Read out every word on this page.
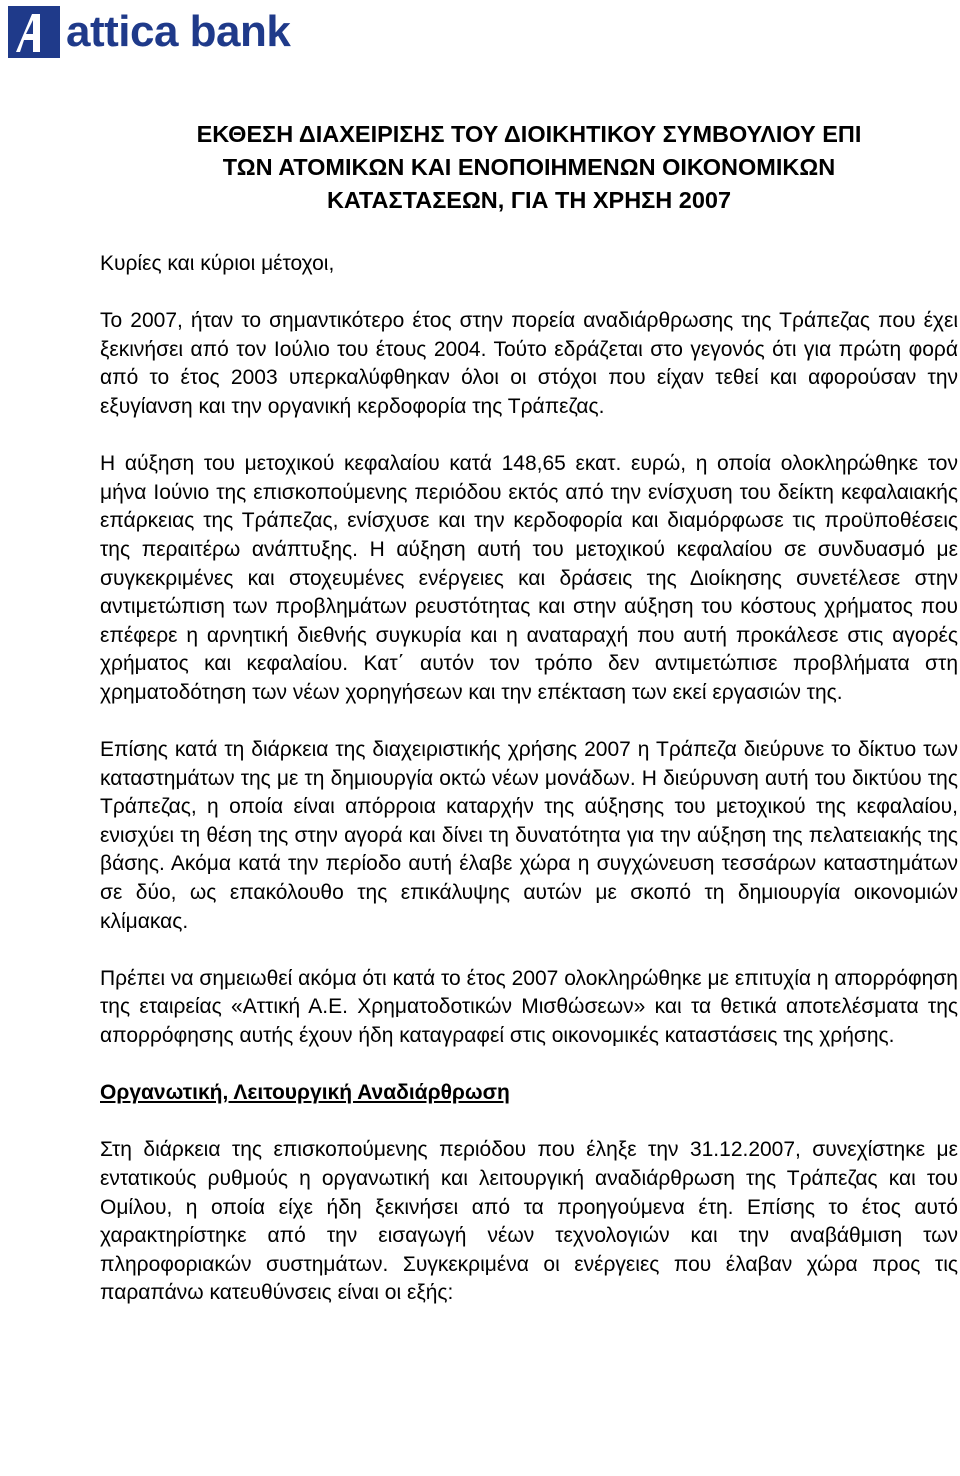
attica bank
ΕΚΘΕΣΗ ΔΙΑΧΕΙΡΙΣΗΣ ΤΟΥ ΔΙΟΙΚΗΤΙΚΟΥ ΣΥΜΒΟΥΛΙΟΥ ΕΠΙ
ΤΩΝ ΑΤΟΜΙΚΩΝ ΚΑΙ ΕΝΟΠΟΙΗΜΕΝΩΝ ΟΙΚΟΝΟΜΙΚΩΝ
ΚΑΤΑΣΤΑΣΕΩΝ, ΓΙΑ ΤΗ ΧΡΗΣΗ 2007

Κυρίες και κύριοι μέτοχοι,

Το 2007, ήταν το σημαντικότερο έτος στην πορεία αναδιάρθρωσης της Τράπεζας που έχει ξεκινήσει από τον Ιούλιο του έτους 2004. Τούτο εδράζεται στο γεγονός ότι για πρώτη φορά από το έτος 2003 υπερκαλύφθηκαν όλοι οι στόχοι που είχαν τεθεί και αφορούσαν την εξυγίανση και την οργανική κερδοφορία της Τράπεζας.

Η αύξηση του μετοχικού κεφαλαίου κατά 148,65 εκατ. ευρώ, η οποία ολοκληρώθηκε τον μήνα Ιούνιο της επισκοπούμενης περιόδου εκτός από την ενίσχυση του δείκτη κεφαλαιακής επάρκειας της Τράπεζας, ενίσχυσε και την κερδοφορία και διαμόρφωσε τις προϋποθέσεις της περαιτέρω ανάπτυξης. Η αύξηση αυτή του μετοχικού κεφαλαίου σε συνδυασμό με συγκεκριμένες και στοχευμένες ενέργειες και δράσεις της Διοίκησης συνετέλεσε στην αντιμετώπιση των προβλημάτων ρευστότητας και στην αύξηση του κόστους χρήματος που επέφερε η αρνητική διεθνής συγκυρία και η αναταραχή που αυτή προκάλεσε στις αγορές χρήματος και κεφαλαίου. Κατ΄ αυτόν τον τρόπο δεν αντιμετώπισε προβλήματα στη χρηματοδότηση των νέων χορηγήσεων και την επέκταση των εκεί εργασιών της.

Επίσης κατά τη διάρκεια της διαχειριστικής χρήσης 2007 η Τράπεζα διεύρυνε το δίκτυο των καταστημάτων της με τη δημιουργία οκτώ νέων μονάδων. Η διεύρυνση αυτή του δικτύου της Τράπεζας, η οποία είναι απόρροια καταρχήν της αύξησης του μετοχικού της κεφαλαίου, ενισχύει τη θέση της στην αγορά και δίνει τη δυνατότητα για την αύξηση της πελατειακής της βάσης. Ακόμα κατά την περίοδο αυτή έλαβε χώρα η συγχώνευση τεσσάρων καταστημάτων σε δύο, ως επακόλουθο της επικάλυψης αυτών με σκοπό τη δημιουργία οικονομιών κλίμακας.

Πρέπει να σημειωθεί ακόμα ότι κατά το έτος 2007 ολοκληρώθηκε με επιτυχία η απορρόφηση της εταιρείας «Αττική Α.Ε. Χρηματοδοτικών Μισθώσεων» και τα θετικά αποτελέσματα της απορρόφησης αυτής έχουν ήδη καταγραφεί στις οικονομικές καταστάσεις της χρήσης.

Οργανωτική, Λειτουργική Αναδιάρθρωση

Στη διάρκεια της επισκοπούμενης περιόδου που έληξε την 31.12.2007, συνεχίστηκε με εντατικούς ρυθμούς η οργανωτική και λειτουργική αναδιάρθρωση της Τράπεζας και του Ομίλου, η οποία είχε ήδη ξεκινήσει από τα προηγούμενα έτη. Επίσης το έτος αυτό χαρακτηρίστηκε από την εισαγωγή νέων τεχνολογιών και την αναβάθμιση των πληροφοριακών συστημάτων. Συγκεκριμένα οι ενέργειες που έλαβαν χώρα προς τις παραπάνω κατευθύνσεις είναι οι εξής:
